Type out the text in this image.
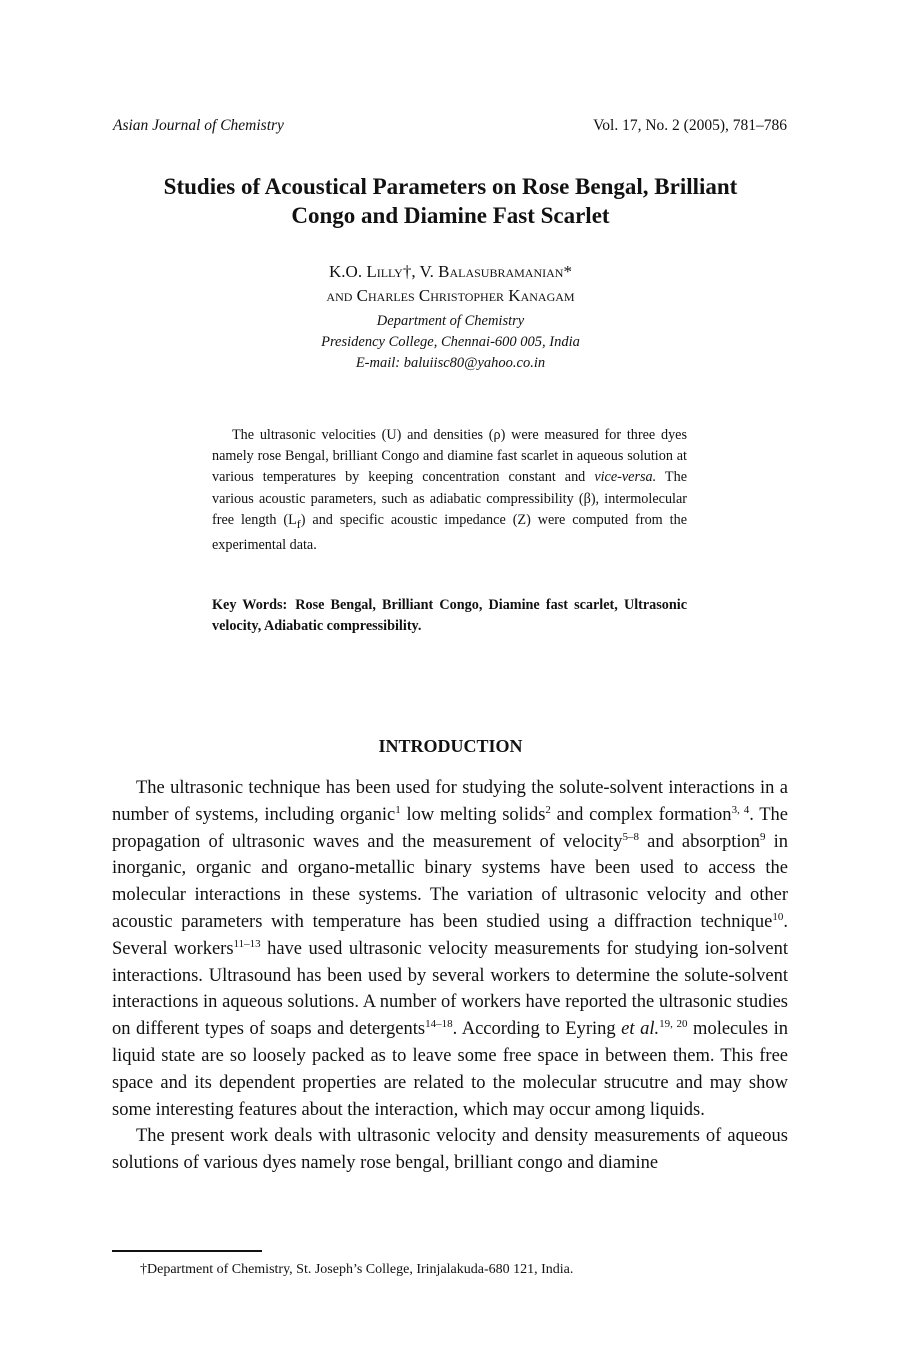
Asian Journal of Chemistry	Vol. 17, No. 2 (2005), 781–786
Studies of Acoustical Parameters on Rose Bengal, Brilliant
Congo and Diamine Fast Scarlet
K.O. Lilly†, V. Balasubramanian*
and Charles Christopher Kanagam
Department of Chemistry
Presidency College, Chennai-600 005, India
E-mail: baluiisc80@yahoo.co.in
The ultrasonic velocities (U) and densities (ρ) were measured for three dyes namely rose Bengal, brilliant Congo and diamine fast scarlet in aqueous solution at various temperatures by keeping concentration constant and vice-versa. The various acoustic parameters, such as adiabatic compressibility (β), intermolecular free length $(L_f)$ and specific acoustic impedance (Z) were computed from the experimental data.
Key Words: Rose Bengal, Brilliant Congo, Diamine fast scarlet, Ultrasonic velocity, Adiabatic compressibility.
INTRODUCTION

The ultrasonic technique has been used for studying the solute-solvent interactions in a number of systems, including organic$^1$ low melting solids$^2$ and complex formation$^{3, 4}$. The propagation of ultrasonic waves and the measurement of velocity$^{5-8}$ and absorption$^9$ in inorganic, organic and organo-metallic binary systems have been used to access the molecular interactions in these systems. The variation of ultrasonic velocity and other acoustic parameters with temperature has been studied using a diffraction technique$^{10}$. Several workers$^{11-13}$ have used ultrasonic velocity measurements for studying ion-solvent interactions. Ultrasound has been used by several workers to determine the solute-solvent interactions in aqueous solutions. A number of workers have reported the ultrasonic studies on different types of soaps and detergents$^{14-18}$. According to Eyring et al.$^{19, 20}$ molecules in liquid state are so loosely packed as to leave some free space in between them. This free space and its dependent properties are related to the molecular strucutre and may show some interesting features about the interaction, which may occur among liquids.

The present work deals with ultrasonic velocity and density measurements of aqueous solutions of various dyes namely rose bengal, brilliant congo and diamine

†Department of Chemistry, St. Joseph’s College, Irinjalakuda-680 121, India.
